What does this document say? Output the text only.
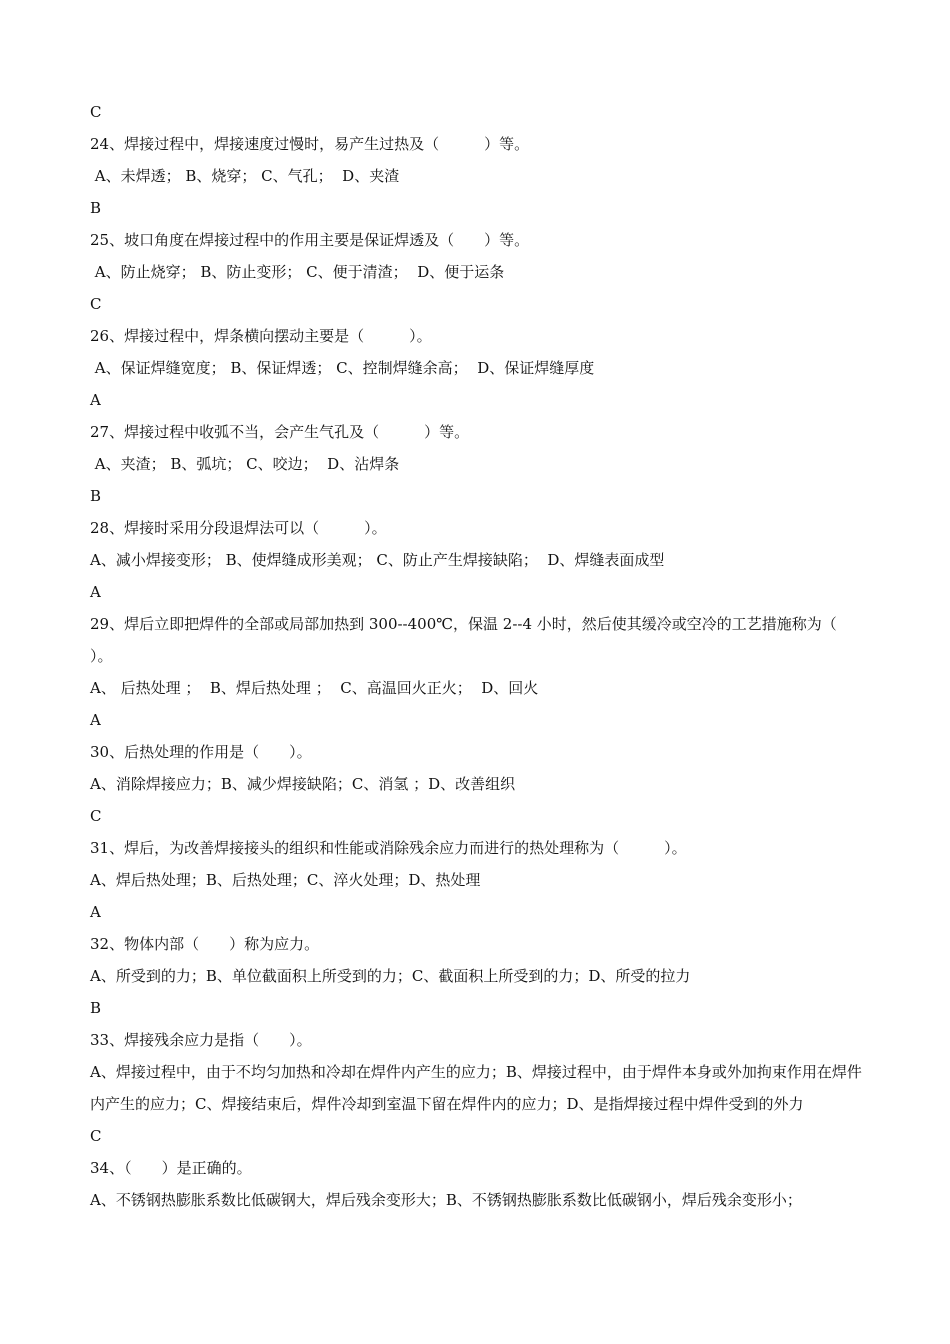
C

24、焊接过程中，焊接速度过慢时，易产生过热及（　　　）等。

A、未焊透； B、烧穿； C、气孔；  D、夹渣

B

25、坡口角度在焊接过程中的作用主要是保证焊透及（　　）等。

A、防止烧穿； B、防止变形； C、便于清渣；  D、便于运条

C

26、焊接过程中，焊条横向摆动主要是（　　　）。

A、保证焊缝宽度； B、保证焊透； C、控制焊缝余高；  D、保证焊缝厚度

A

27、焊接过程中收弧不当，会产生气孔及（　　　）等。

A、夹渣； B、弧坑； C、咬边；  D、沾焊条

B

28、焊接时采用分段退焊法可以（　　　）。

A、减小焊接变形； B、使焊缝成形美观； C、防止产生焊接缺陷；  D、焊缝表面成型

A

29、焊后立即把焊件的全部或局部加热到 300--400℃，保温 2--4 小时，然后使其缓冷或空冷的工艺措施称为（　　　）。

A、 后热处理 ；  B、焊后热处理 ；  C、高温回火正火；  D、回火

A

30、后热处理的作用是（　　）。

A、消除焊接应力；B、减少焊接缺陷；C、消氢 ；D、改善组织

C

31、焊后，为改善焊接接头的组织和性能或消除残余应力而进行的热处理称为（　　　）。

A、焊后热处理；B、后热处理；C、淬火处理；D、热处理

A

32、物体内部（　　）称为应力。

A、所受到的力；B、单位截面积上所受到的力；C、截面积上所受到的力；D、所受的拉力

B

33、焊接残余应力是指（　　）。

A、焊接过程中，由于不均匀加热和冷却在焊件内产生的应力；B、焊接过程中，由于焊件本身或外加拘束作用在焊件内产生的应力；C、焊接结束后，焊件冷却到室温下留在焊件内的应力；D、是指焊接过程中焊件受到的外力

C

34、（　　）是正确的。

A、不锈钢热膨胀系数比低碳钢大，焊后残余变形大；B、不锈钢热膨胀系数比低碳钢小，焊后残余变形小；
